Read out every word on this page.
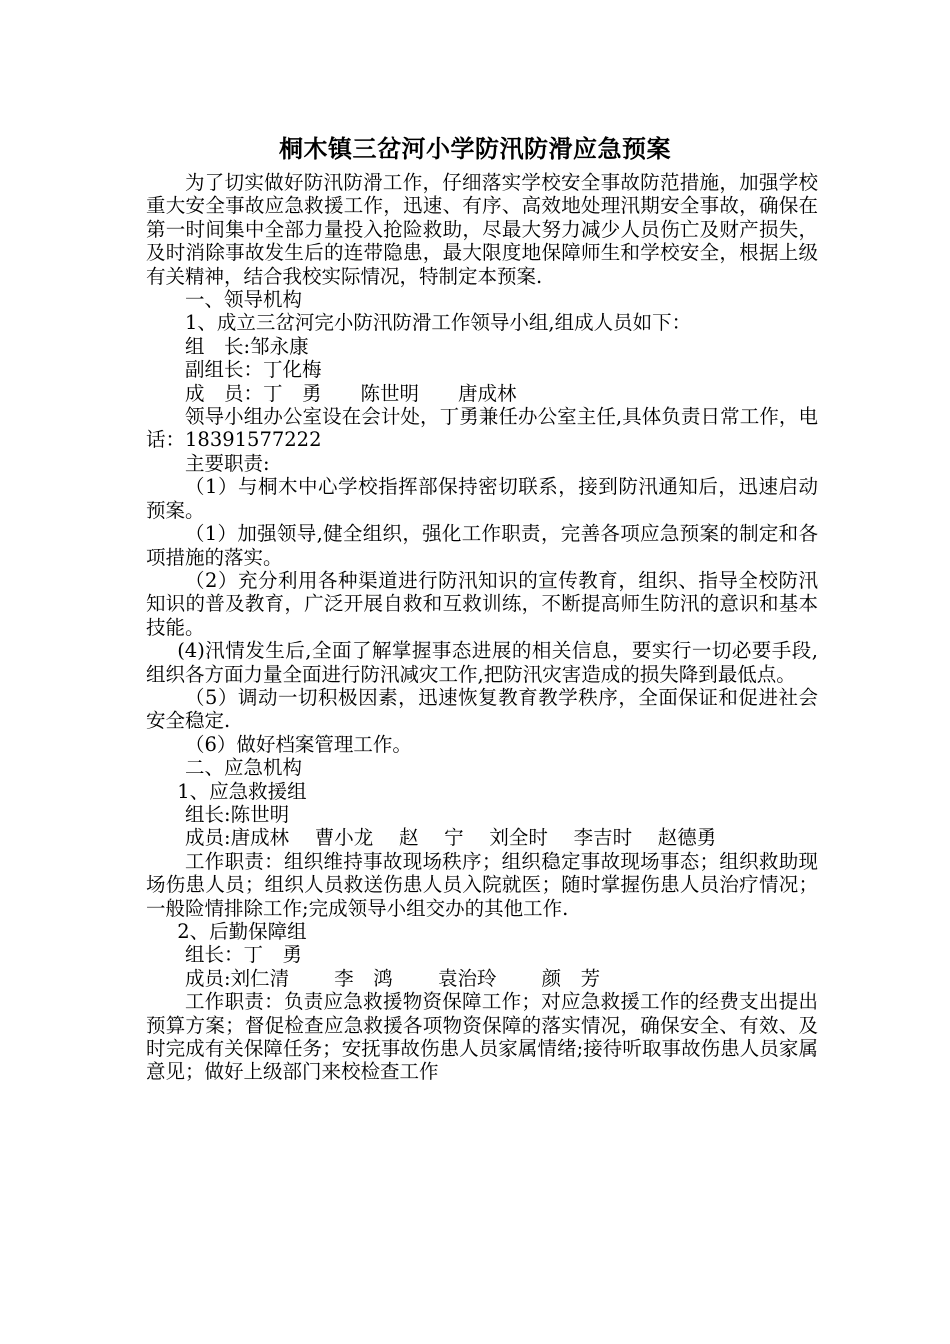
桐木镇三岔河小学防汛防滑应急预案

为了切实做好防汛防滑工作，仔细落实学校安全事故防范措施，加强学校重大安全事故应急救援工作，迅速、有序、高效地处理汛期安全事故，确保在第一时间集中全部力量投入抢险救助，尽最大努力减少人员伤亡及财产损失，及时消除事故发生后的连带隐患，最大限度地保障师生和学校安全，根据上级有关精神，结合我校实际情况，特制定本预案.

一、领导机构

1、成立三岔河完小防汛防滑工作领导小组,组成人员如下：

组　长:邹永康

副组长：丁化梅

成　员：丁　勇　　陈世明　　唐成林

领导小组办公室设在会计处，丁勇兼任办公室主任,具体负责日常工作，电话：18391577222

主要职责:

（1）与桐木中心学校指挥部保持密切联系，接到防汛通知后，迅速启动预案。

（1）加强领导,健全组织，强化工作职责，完善各项应急预案的制定和各项措施的落实。

（2）充分利用各种渠道进行防汛知识的宣传教育，组织、指导全校防汛知识的普及教育，广泛开展自救和互救训练，不断提高师生防汛的意识和基本技能。

(4)汛情发生后,全面了解掌握事态进展的相关信息，要实行一切必要手段,组织各方面力量全面进行防汛减灾工作,把防汛灾害造成的损失降到最低点。

（5）调动一切积极因素，迅速恢复教育教学秩序，全面保证和促进社会安全稳定.

（6）做好档案管理工作。

二、应急机构

1、应急救援组

组长:陈世明

成员:唐成林　 曹小龙　 赵　 宁　 刘全时　 李吉时　 赵德勇

工作职责：组织维持事故现场秩序；组织稳定事故现场事态；组织救助现场伤患人员；组织人员救送伤患人员入院就医；随时掌握伤患人员治疗情况；一般险情排除工作;完成领导小组交办的其他工作.

2、后勤保障组

组长：丁　勇

成员:刘仁清　　 李　鸿　　 袁治玲　　 颜　芳

工作职责：负责应急救援物资保障工作；对应急救援工作的经费支出提出预算方案；督促检查应急救援各项物资保障的落实情况，确保安全、有效、及时完成有关保障任务；安抚事故伤患人员家属情绪;接待听取事故伤患人员家属意见；做好上级部门来校检查工作
